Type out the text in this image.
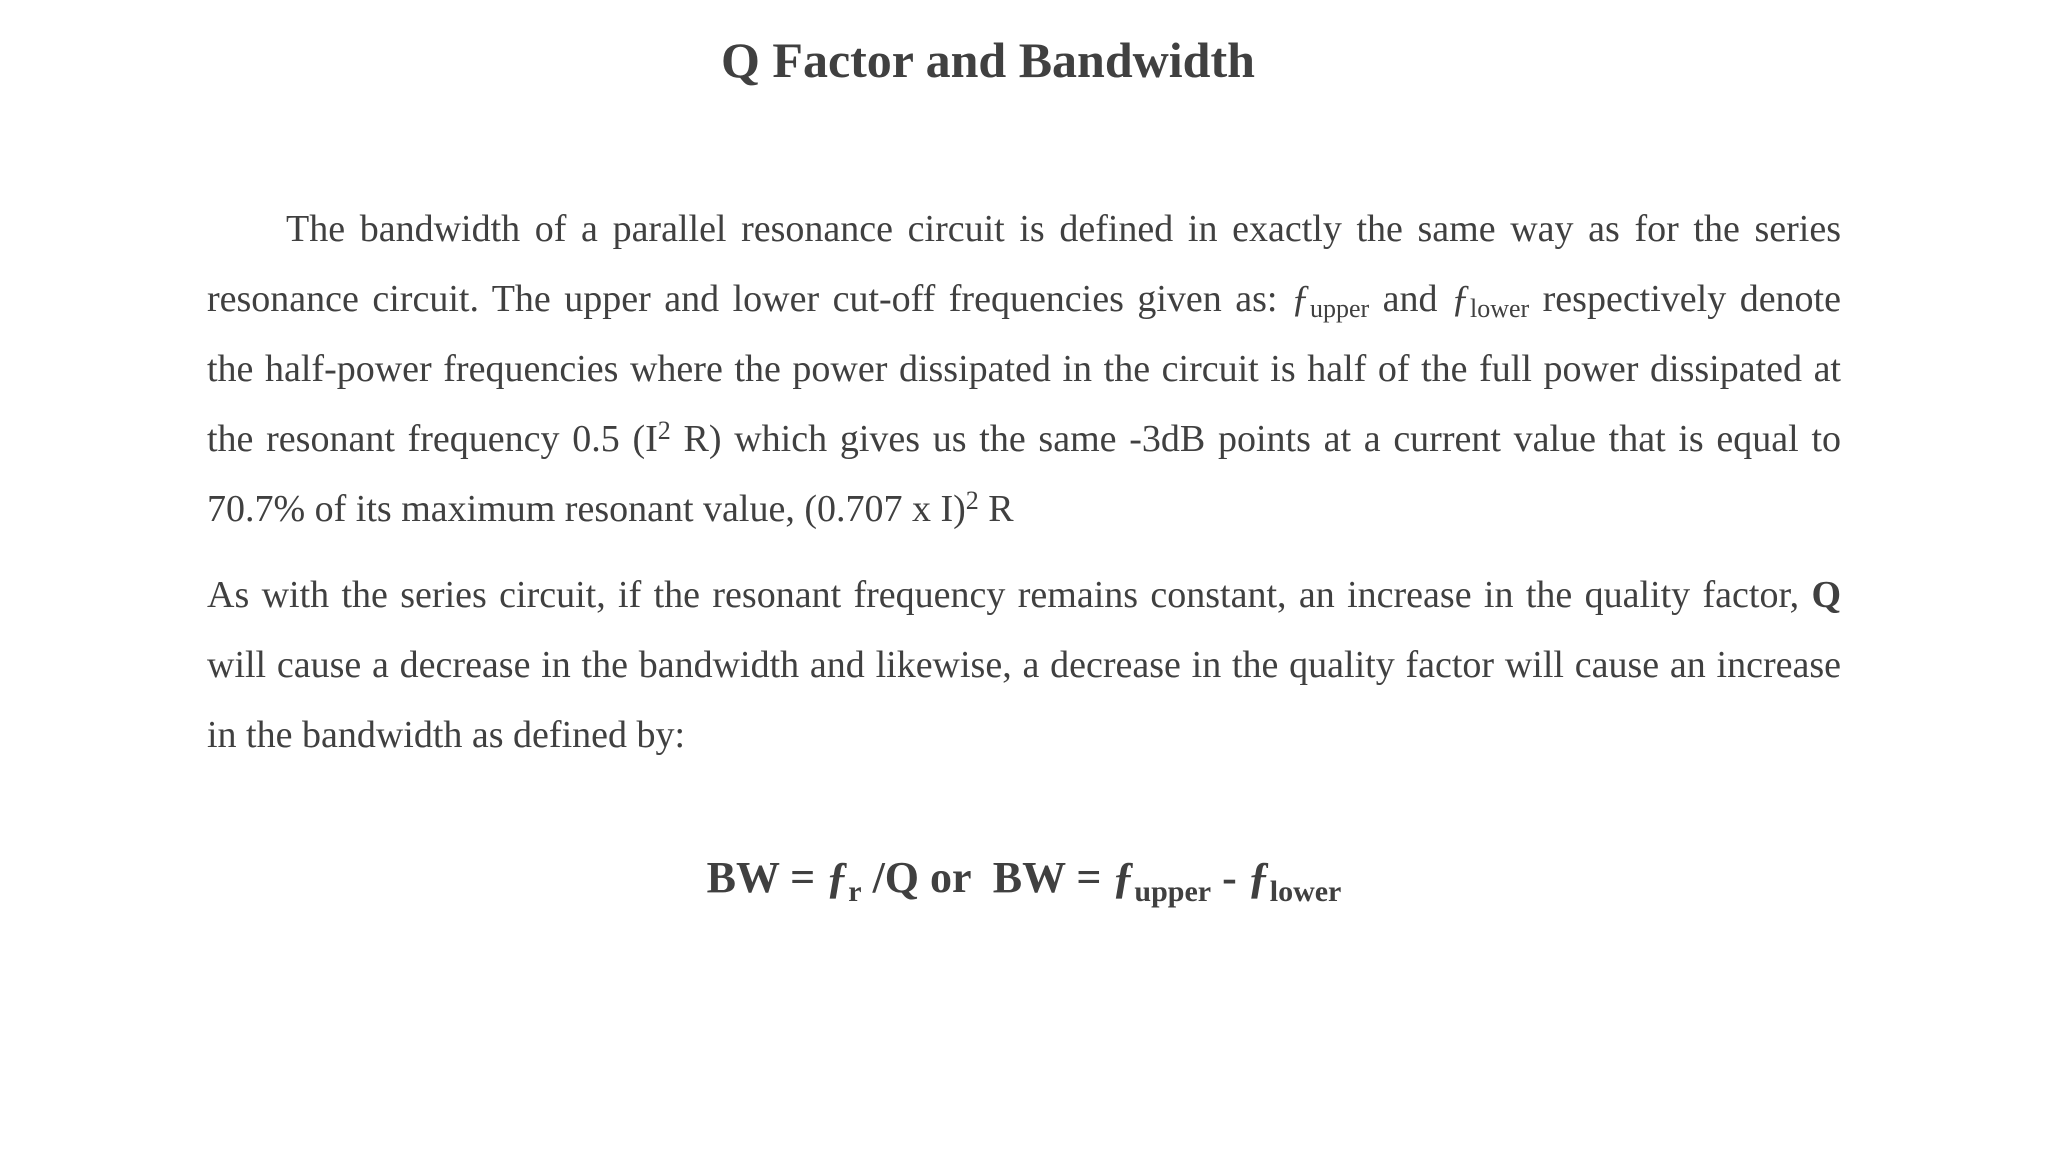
Q Factor and Bandwidth

The bandwidth of a parallel resonance circuit is defined in exactly the same way as for the series resonance circuit. The upper and lower cut-off frequencies given as: $ƒ_{upper}$ and $ƒ_{lower}$ respectively denote the half-power frequencies where the power dissipated in the circuit is half of the full power dissipated at the resonant frequency 0.5 ($I^2$ R) which gives us the same -3dB points at a current value that is equal to 70.7% of its maximum resonant value, (0.707 x I)$^2$ R

As with the series circuit, if the resonant frequency remains constant, an increase in the quality factor, Q will cause a decrease in the bandwidth and likewise, a decrease in the quality factor will cause an increase in the bandwidth as defined by:

BW = $ƒ_r$ /Q or  BW = $ƒ_{upper}$ - $ƒ_{lower}$
